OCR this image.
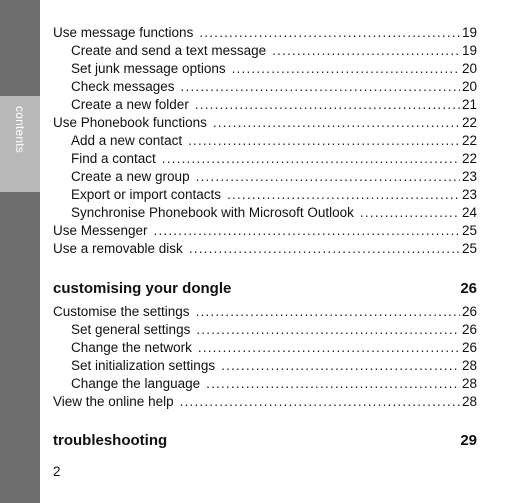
contents
Use message functions .....	19
Create and send a text message .....	19
Set junk message options .....	20
Check messages .....	20
Create a new folder .....	21
Use Phonebook functions .....	22
Add a new contact .....	22
Find a contact .....	22
Create a new group .....	23
Export or import contacts .....	23
Synchronise Phonebook with Microsoft Outlook .....	24
Use Messenger .....	25
Use a removable disk .....	25
customising your dongle	26
Customise the settings .....	26
Set general settings .....	26
Change the network .....	26
Set initialization settings .....	28
Change the language .....	28
View the online help .....	28
troubleshooting	29
2
